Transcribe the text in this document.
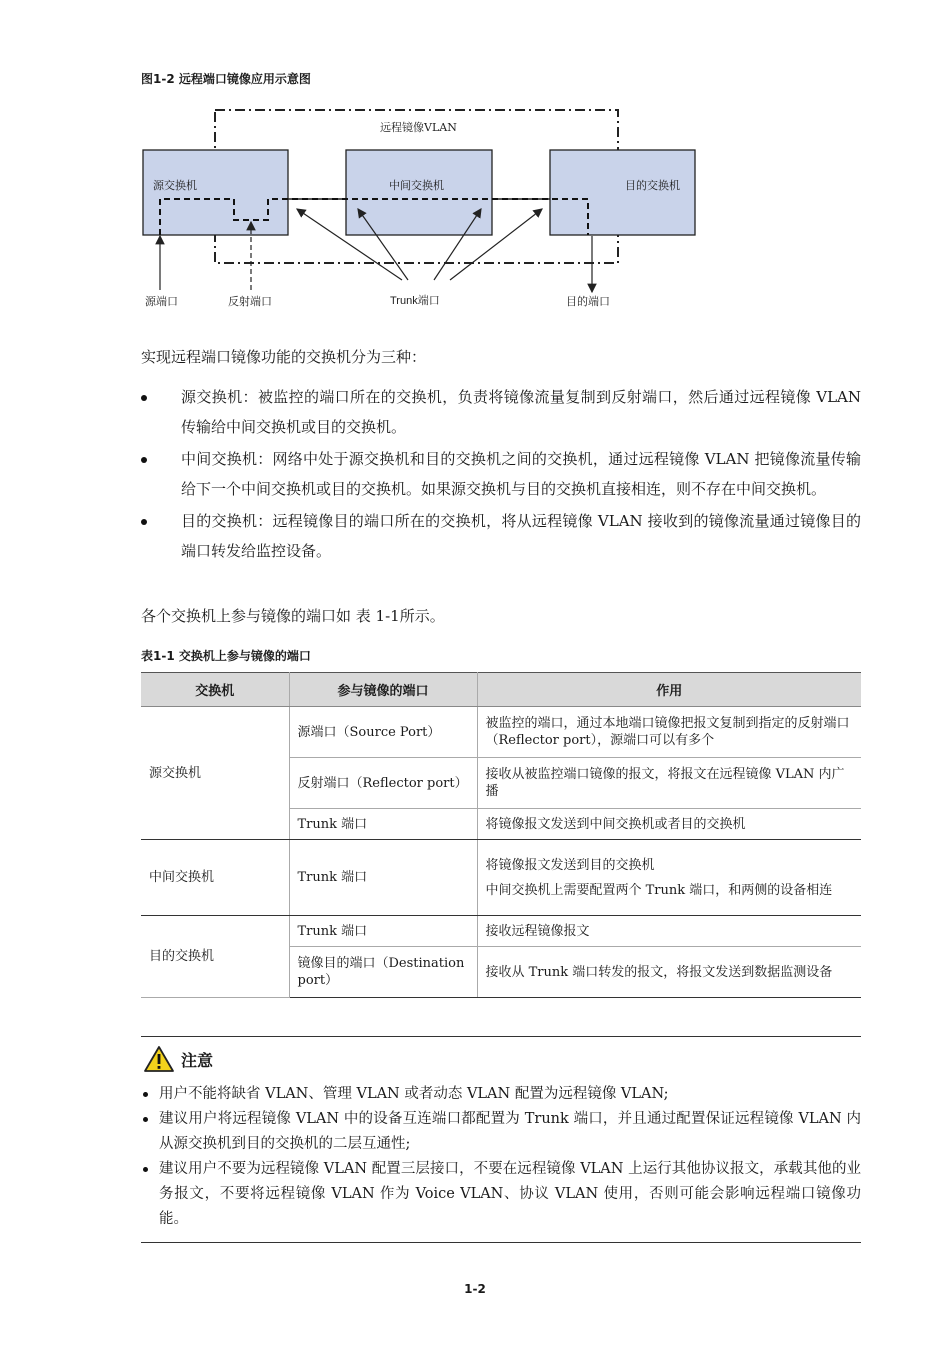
图1-2 远程端口镜像应用示意图
源交换机	中间交换机	目的交换机
远程镜像VLAN
源端口	反射端口	Trunk端口	目的端口

实现远程端口镜像功能的交换机分为三种：

源交换机：被监控的端口所在的交换机，负责将镜像流量复制到反射端口，然后通过远程镜像 VLAN 传输给中间交换机或目的交换机。
中间交换机：网络中处于源交换机和目的交换机之间的交换机，通过远程镜像 VLAN 把镜像流量传输给下一个中间交换机或目的交换机。如果源交换机与目的交换机直接相连，则不存在中间交换机。
目的交换机：远程镜像目的端口所在的交换机，将从远程镜像 VLAN 接收到的镜像流量通过镜像目的端口转发给监控设备。

各个交换机上参与镜像的端口如 表 1-1所示。

表1-1 交换机上参与镜像的端口
交换机	参与镜像的端口	作用
源交换机	源端口（Source Port）	被监控的端口，通过本地端口镜像把报文复制到指定的反射端口（Reflector port），源端口可以有多个
	反射端口（Reflector port）	接收从被监控端口镜像的报文，将报文在远程镜像 VLAN 内广播
	Trunk 端口	将镜像报文发送到中间交换机或者目的交换机
中间交换机	Trunk 端口	将镜像报文发送到目的交换机

中间交换机上需要配置两个 Trunk 端口，和两侧的设备相连

目的交换机	Trunk 端口	接收远程镜像报文
	镜像目的端口（Destination port）	接收从 Trunk 端口转发的报文，将报文发送到数据监测设备
注意
用户不能将缺省 VLAN、管理 VLAN 或者动态 VLAN 配置为远程镜像 VLAN;
建议用户将远程镜像 VLAN 中的设备互连端口都配置为 Trunk 端口，并且通过配置保证远程镜像 VLAN 内从源交换机到目的交换机的二层互通性;
建议用户不要为远程镜像 VLAN 配置三层接口，不要在远程镜像 VLAN 上运行其他协议报文，承载其他的业务报文，不要将远程镜像 VLAN 作为 Voice VLAN、协议 VLAN 使用，否则可能会影响远程端口镜像功能。
1-2
